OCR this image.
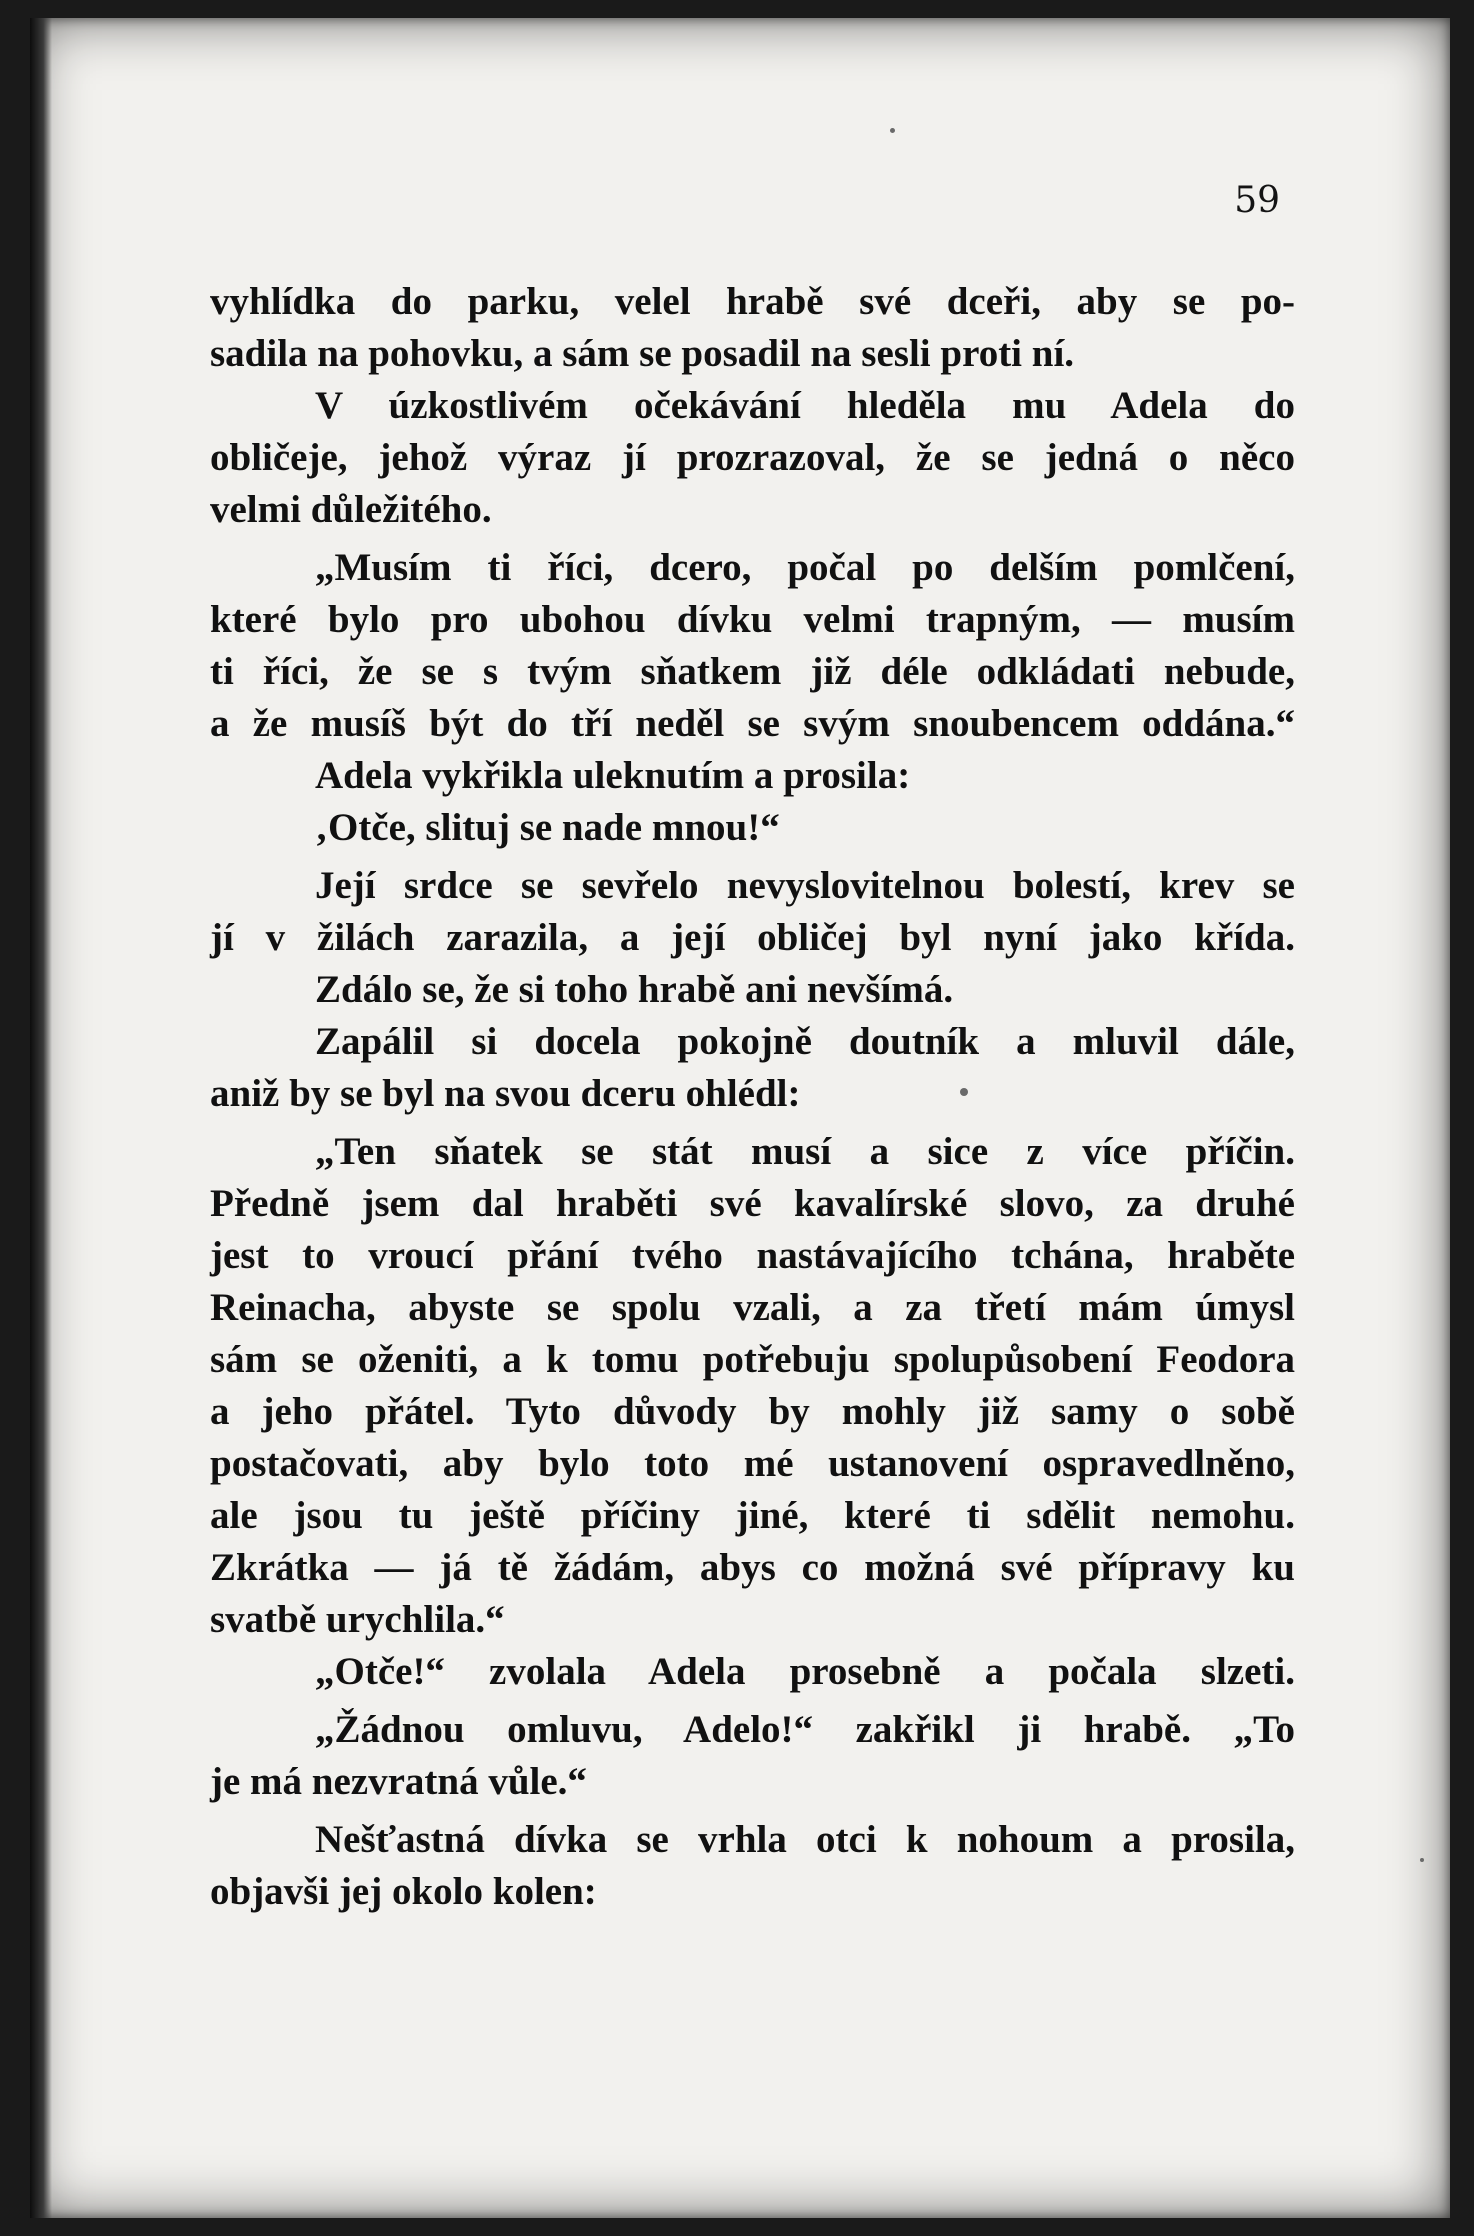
59
vyhlídka do parku, velel hrabě své dceři, aby se po-
sadila na pohovku, a sám se posadil na sesli proti ní.
V úzkostlivém očekávání hleděla mu Adela do
obličeje, jehož výraz jí prozrazoval, že se jedná o něco
velmi důležitého.
„Musím ti říci, dcero, počal po delším pomlčení,
které bylo pro ubohou dívku velmi trapným, — musím
ti říci, že se s tvým sňatkem již déle odkládati nebude,
a že musíš být do tří neděl se svým snoubencem oddána.“
Adela vykřikla uleknutím a prosila:
‚Otče, slituj se nade mnou!“
Její srdce se sevřelo nevyslovitelnou bolestí, krev se
jí v žilách zarazila, a její obličej byl nyní jako křída.
Zdálo se, že si toho hrabě ani nevšímá.
Zapálil si docela pokojně doutník a mluvil dále,
aniž by se byl na svou dceru ohlédl:
„Ten sňatek se stát musí a sice z více příčin.
Předně jsem dal hraběti své kavalírské slovo, za druhé
jest to vroucí přání tvého nastávajícího tchána, hraběte
Reinacha, abyste se spolu vzali, a za třetí mám úmysl
sám se oženiti, a k tomu potřebuju spolupůsobení Feodora
a jeho přátel. Tyto důvody by mohly již samy o sobě
postačovati, aby bylo toto mé ustanovení ospravedlněno,
ale jsou tu ještě příčiny jiné, které ti sdělit nemohu.
Zkrátka — já tě žádám, abys co možná své přípravy ku
svatbě urychlila.“
„Otče!“ zvolala Adela prosebně a počala slzeti.
„Žádnou omluvu, Adelo!“ zakřikl ji hrabě. „To
je má nezvratná vůle.“
Nešťastná dívka se vrhla otci k nohoum a prosila,
objavši jej okolo kolen:
